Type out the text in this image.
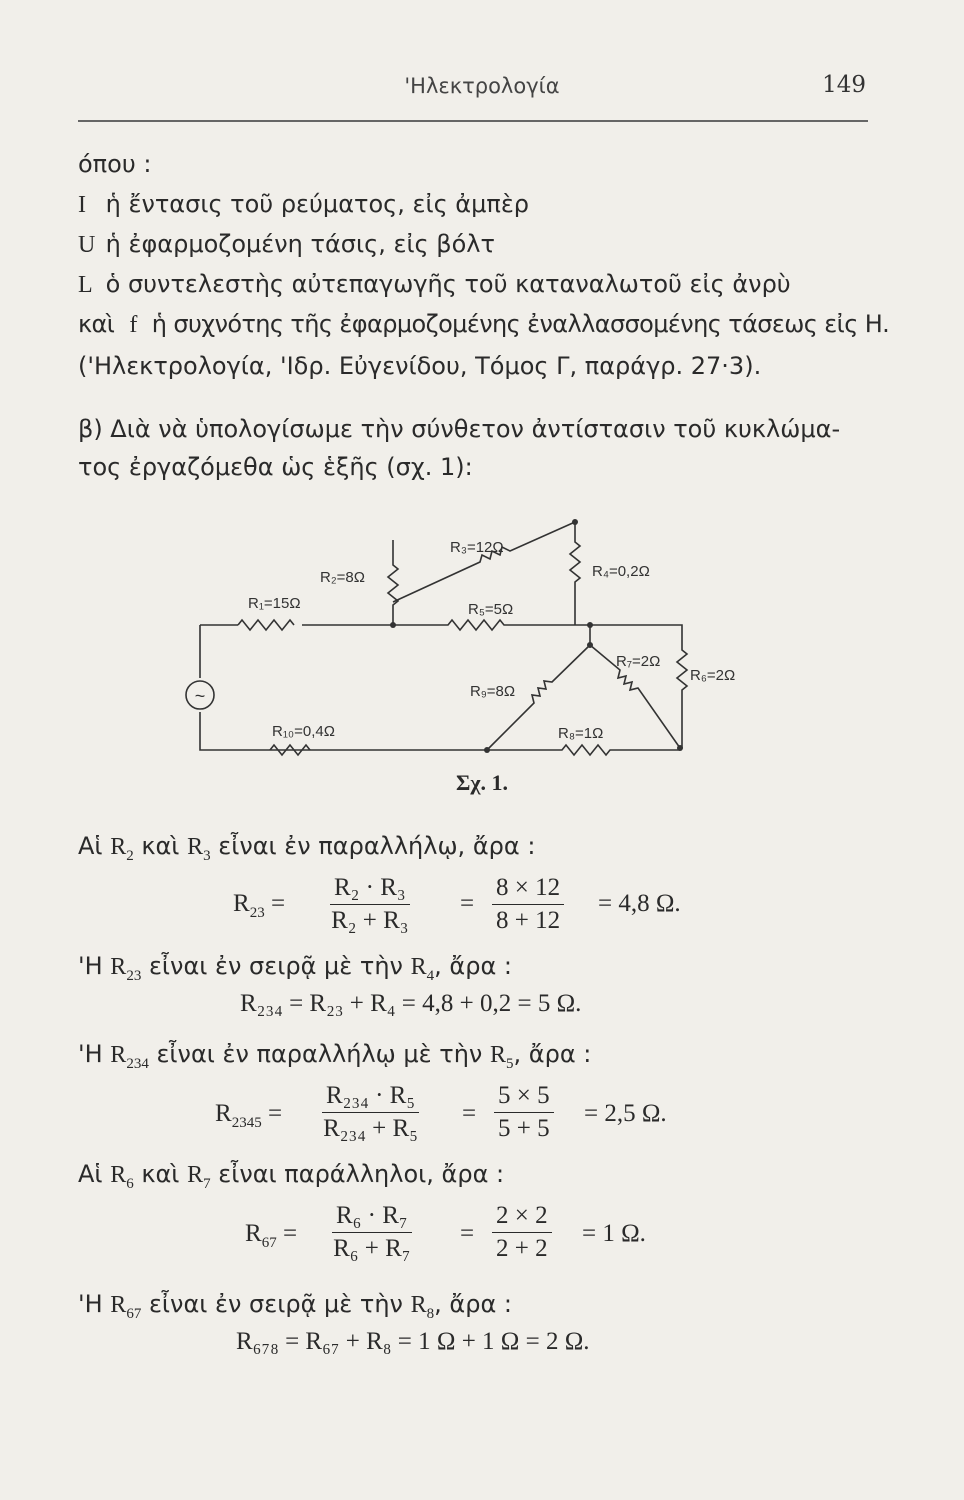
'Ηλεκτρολογία	149
όπου :
I ἡ ἔντασις τοῦ ρεύματος, εἰς ἀμπὲρ
U ἡ ἐφαρμοζομένη τάσις, εἰς βόλτ
L ὁ συντελεστὴς αὐτεπαγωγῆς τοῦ καταναλωτοῦ εἰς ἀνρὺ
καὶ f ἡ συχνότης τῆς ἐφαρμοζομένης ἐναλλασσομένης τάσεως εἰς Η.
('Ηλεκτρολογία, 'Ιδρ. Εὐγενίδου, Τόμος Γ, παράγρ. 27·3).
β) Διὰ νὰ ὑπολογίσωμε τὴν σύνθετον ἀντίστασιν τοῦ κυκλώμα-
τος ἐργαζόμεθα ὡς ἑξῆς (σχ. 1):
~
R₁=15Ω
R₂=8Ω
R₃=12Ω
R₄=0,2Ω
R₅=5Ω
R₆=2Ω
R₇=2Ω
R₈=1Ω
R₉=8Ω
R₁₀=0,4Ω
Σχ. 1.
Αἱ $R_2$ καὶ $R_3$ εἶναι ἐν παραλλήλῳ, ἄρα :
$R_{23} = \frac{\text{R₂ · R₃}}{\text{R₂ + R₃}} = \frac{8 \times 12}{8 + 12} = 4,8$ Ω.
'Η $R_{23}$ εἶναι ἐν σειρᾷ μὲ τὴν $R_4$, ἄρα :
R₂₃₄ = R₂₃ + R₄ = 4,8 + 0,2 = 5 Ω.
'Η $R_{234}$ εἶναι ἐν παραλλήλῳ μὲ τὴν $R_5$, ἄρα :
$R_{2345} = \frac{\text{R₂₃₄ · R₅}}{\text{R₂₃₄ + R₅}} = \frac{5 \times 5}{5 + 5} = 2,5$ Ω.
Αἱ $R_6$ καὶ $R_7$ εἶναι παράλληλοι, ἄρα :
$R_{67} = \frac{\text{R₆ · R₇}}{\text{R₆ + R₇}} = \frac{2 \times 2}{2 + 2} = 1$ Ω.
'Η $R_{67}$ εἶναι ἐν σειρᾷ μὲ τὴν $R_8$, ἄρα :
R₆₇₈ = R₆₇ + R₈ = 1 Ω + 1 Ω = 2 Ω.
